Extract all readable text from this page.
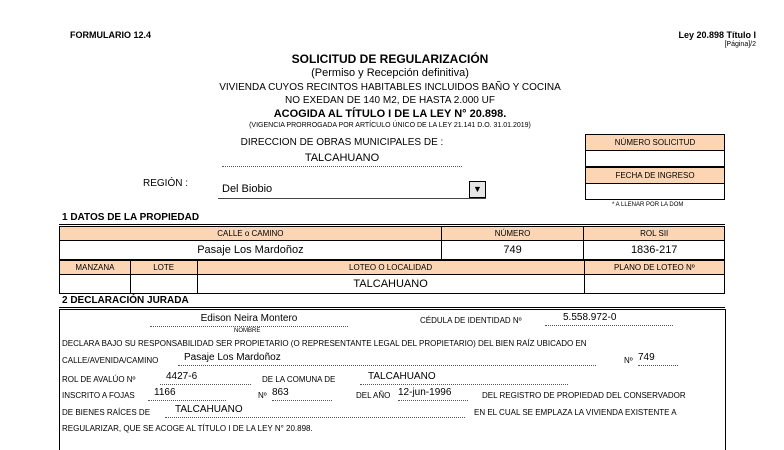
FORMULARIO 12.4	Ley 20.898 Título I
[Página]/2
SOLICITUD DE REGULARIZACIÓN
(Permiso y Recepción definitiva)
VIVIENDA CUYOS RECINTOS HABITABLES INCLUIDOS BAÑO Y COCINA
NO EXEDAN DE 140 M2, DE HASTA 2.000 UF
ACOGIDA AL TÍTULO I DE LA LEY N° 20.898.
(VIGENCIA PRORROGADA POR ARTÍCULO ÚNICO DE LA LEY 21.141 D.O. 31.01.2019)
DIRECCION DE OBRAS MUNICIPALES DE :
TALCAHUANO
REGIÓN :	Del Biobio	▼
NÚMERO SOLICITUD
FECHA DE INGRESO
* A LLENAR POR LA DOM
1 DATOS DE LA PROPIEDAD
CALLE o CAMINO	NÚMERO	ROL SII
Pasaje Los Mardoñoz	749	1836-217
MANZANA	LOTE	LOTEO O LOCALIDAD	PLANO DE LOTEO Nº
		TALCAHUANO	
2 DECLARACIÓN JURADA
Edison Neira Montero
NOMBRE
CÉDULA DE IDENTIDAD Nº	5.558.972-0
DECLARA BAJO SU RESPONSABILIDAD SER PROPIETARIO (O REPRESENTANTE LEGAL DEL PROPIETARIO) DEL BIEN RAÍZ UBICADO EN
CALLE/AVENIDA/CAMINO	Pasaje Los Mardoñoz	Nº 749
ROL DE AVALÚO Nº	4427-6	DE LA COMUNA DE	TALCAHUANO
INSCRITO A FOJAS	1166	Nº 863	DEL AÑO 12-jun-1996	DEL REGISTRO DE PROPIEDAD DEL CONSERVADOR
DE BIENES RAÍCES DE	TALCAHUANO	EN EL CUAL SE EMPLAZA LA VIVIENDA EXISTENTE A
REGULARIZAR, QUE SE ACOGE AL TÍTULO I DE LA LEY N° 20.898.
